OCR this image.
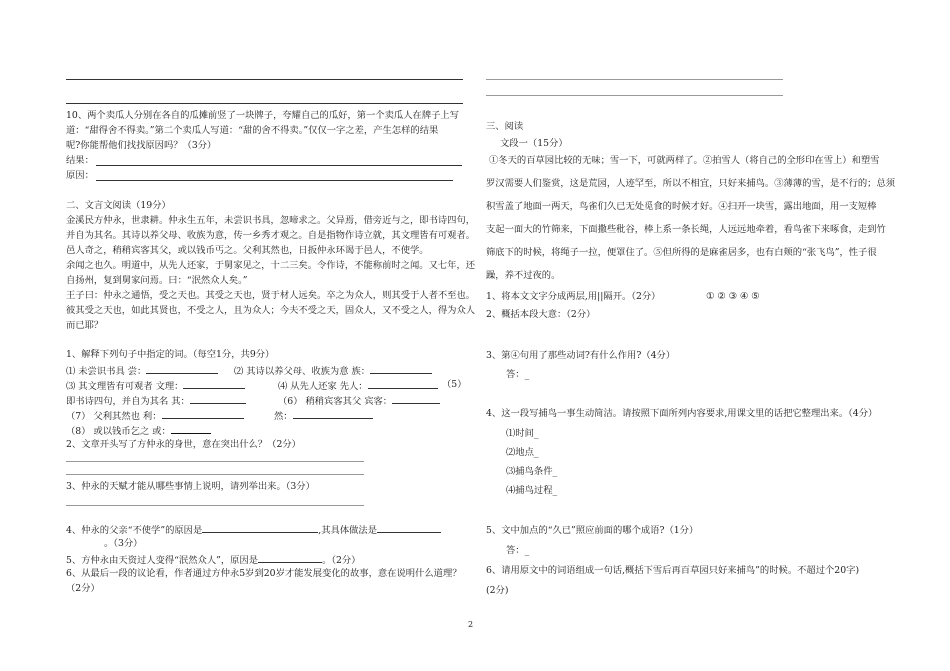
10、两个卖瓜人分别在各自的瓜摊前竖了一块牌子，夸耀自己的瓜好，第一个卖瓜人在牌子上写
道：“甜得舍不得卖。”第二个卖瓜人写道：“甜的舍不得卖。”仅仅一字之差，产生怎样的结果
呢?你能帮他们找找原因吗？（3分）
结果：
原因：
二、文言文阅读（19分）
金溪民方仲永，世隶耕。仲永生五年，未尝识书具，忽啼求之。父异焉，借旁近与之，即书诗四句，
并自为其名。其诗以养父母、收族为意，传一乡秀才观之。自是指物作诗立就，其文理皆有可观者。
邑人奇之，稍稍宾客其父，或以钱币丐之。父利其然也，日扳仲永环谒于邑人，不使学。
余闻之也久。明道中，从先人还家，于舅家见之，十二三矣。令作诗，不能称前时之闻。又七年，还
自扬州，复到舅家问焉。曰：“泯然众人矣。”
王子曰：仲永之通悟，受之天也。其受之天也，贤于材人远矣。卒之为众人，则其受于人者不至也。
彼其受之天也，如此其贤也，不受之人，且为众人；今夫不受之天，固众人，又不受之人，得为众人
而已耶？
1、解释下列句子中指定的词。（每空1分，共9分）
⑴ 未尝识书具 尝：	⑵ 其诗以养父母、收族为意 族：
⑶ 其文理皆有可观者 文理：	⑷ 从先人还家 先人：	（5）
即书诗四句，并自为其名 其：	（6） 稍稍宾客其父 宾客：
（7） 父利其然也 利：	然：
（8） 或以钱币乞之 或：
2、文章开头写了方仲永的身世，意在突出什么？（2分）
3、仲永的天赋才能从哪些事情上说明，请列举出来。（3分）
4、仲永的父亲“不使学”的原因是	,其具体做法是
。（3分）
5、方仲永由天资过人变得“泯然众人”，原因是	。（2分）
6、从最后一段的议论看，作者通过方仲永5岁到20岁才能发展变化的故事，意在说明什么道理？
（2分）
三、阅读
文段一（15分）
①冬天的百草园比较的无味；雪一下，可就两样了。②拍雪人（将自己的全形印在雪上）和塑雪
罗汉需要人们鉴赏，这是荒园，人迹罕至，所以不相宜，只好来捕鸟。③薄薄的雪，是不行的；总须
积雪盖了地面一两天，鸟雀们久已无处觅食的时候才好。④扫开一块雪，露出地面，用一支短棒
支起一面大的竹筛来，下面撒些秕谷，棒上系一条长绳，人远远地牵着，看鸟雀下来啄食，走到竹
筛底下的时候，将绳子一拉，便罩住了。⑤但所得的是麻雀居多，也有白颊的“张飞鸟”，性子很
躁，养不过夜的。
1、将本文文字分成两层,用||隔开。（2分）	① ② ③ ④ ⑤
2、概括本段大意：（2分）
3、第④句用了那些动词?有什么作用?（4分）
答：_
4、这一段写捕鸟一事生动简洁。请按照下面所列内容要求,用课文里的话把它整理出来。（4分）
⑴时间_
⑵地点_
⑶捕鸟条件_
⑷捕鸟过程_
5、文中加点的“久已”照应前面的哪个成语?（1分）
答：_
6、请用原文中的词语组成一句话,概括下雪后再百草园只好来捕鸟”的时候。不超过个20字)
(2分)
2
